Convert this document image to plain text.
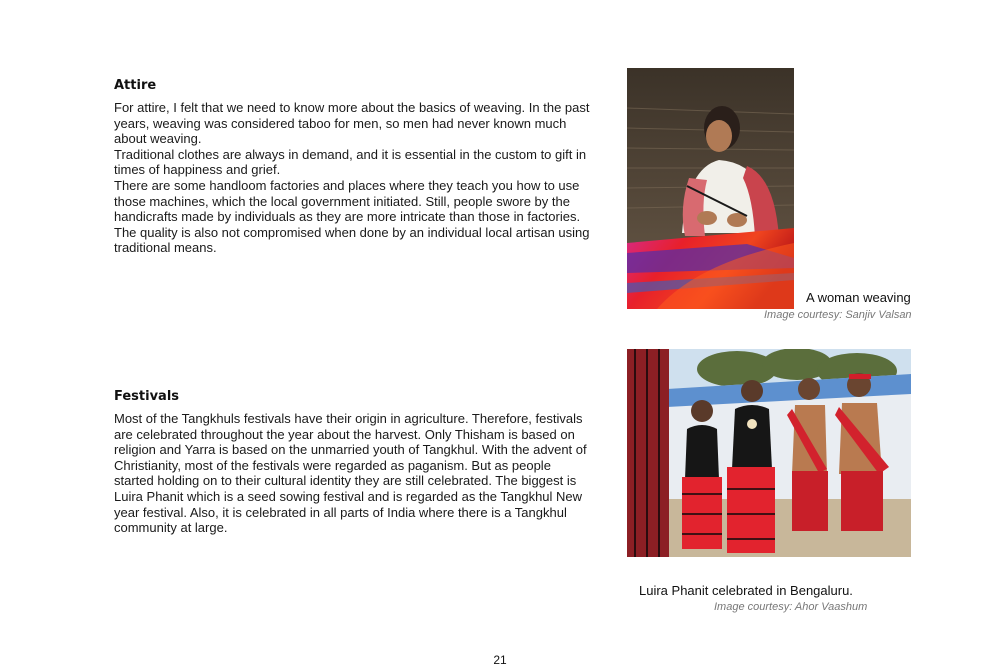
Attire
For attire, I felt that we need to know more about the basics of weaving. In the past years, weaving was considered taboo for men, so men had never known much about weaving.
Traditional clothes are always in demand, and it is essential in the custom to gift in times of happiness and grief.
There are some handloom factories and places where they teach you how to use those machines, which the local government initiated. Still, people swore by the handicrafts made by individuals as they are more intricate than those in factories. The quality is also not compromised when done by an individual local artisan using traditional means.

A woman weaving

Image courtesy: Sanjiv Valsan

Festivals

Most of the Tangkhuls festivals have their origin in agriculture. Therefore, festivals are celebrated throughout the year about the harvest. Only Thisham is based on religion and Yarra is based on the unmarried youth of Tangkhul. With the advent of Christianity, most of the festivals were regarded as paganism. But as people started holding on to their cultural identity they are still celebrated. The biggest is Luira Phanit which is a seed sowing festival and is regarded as the Tangkhul New year festival. Also, it is celebrated in all parts of India where there is a Tangkhul community at large.

Luira Phanit celebrated in Bengaluru.

Image courtesy: Ahor Vaashum

21
